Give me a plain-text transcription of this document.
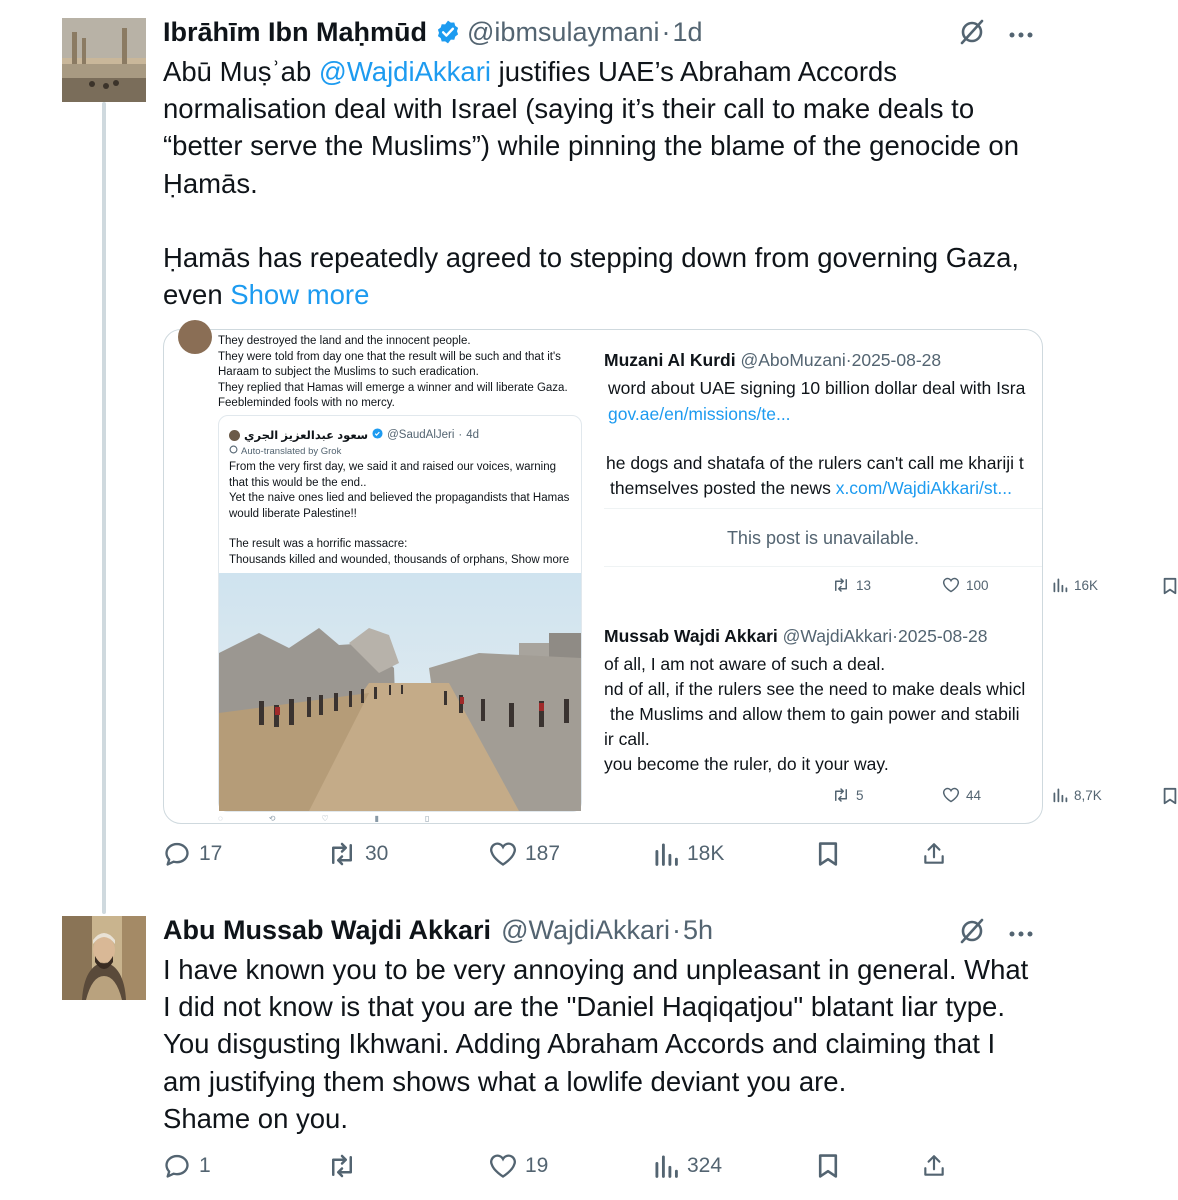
Ibrāhīm Ibn Maḥmūd @ibmsulaymani · 1d
Abū Muṣʾab @WajdiAkkari justifies UAE’s Abraham Accords
normalisation deal with Israel (saying it’s their call to make deals to
“better serve the Muslims”) while pinning the blame of the genocide on
Ḥamās.
Ḥamās has repeatedly agreed to stepping down from governing Gaza,
even Show more
They destroyed the land and the innocent people.
They were told from day one that the result will be such and that it's
Haraam to subject the Muslims to such eradication.
They replied that Hamas will emerge a winner and will liberate Gaza.
Feebleminded fools with no mercy.
سعود عبدالعزيز الجري @SaudAlJeri · 4d
Auto-translated by Grok
From the very first day, we said it and raised our voices, warning
that this would be the end..
Yet the naive ones lied and believed the propagandists that Hamas
would liberate Palestine!!
The result was a horrific massacre:
Thousands killed and wounded, thousands of orphans, Show more
◌	⟲	♡	▮	▯
Muzani Al Kurdi @AboMuzani·2025-08-28
word about UAE signing 10 billion dollar deal with Isra
gov.ae/en/missions/te...
he dogs and shatafa of the rulers can't call me khariji t
themselves posted the news x.com/WajdiAkkari/st...
This post is unavailable.
13	100	16K
Mussab Wajdi Akkari @WajdiAkkari·2025-08-28
of all, I am not aware of such a deal.
nd of all, if the rulers see the need to make deals whicl
the Muslims and allow them to gain power and stabili
ir call.
you become the ruler, do it your way.
5	44	8,7K
17	30	187	18K
Abu Mussab Wajdi Akkari @WajdiAkkari · 5h
I have known you to be very annoying and unpleasant in general. What
I did not know is that you are the "Daniel Haqiqatjou" blatant liar type.
You disgusting Ikhwani. Adding Abraham Accords and claiming that I
am justifying them shows what a lowlife deviant you are.
Shame on you.
1	19	324
